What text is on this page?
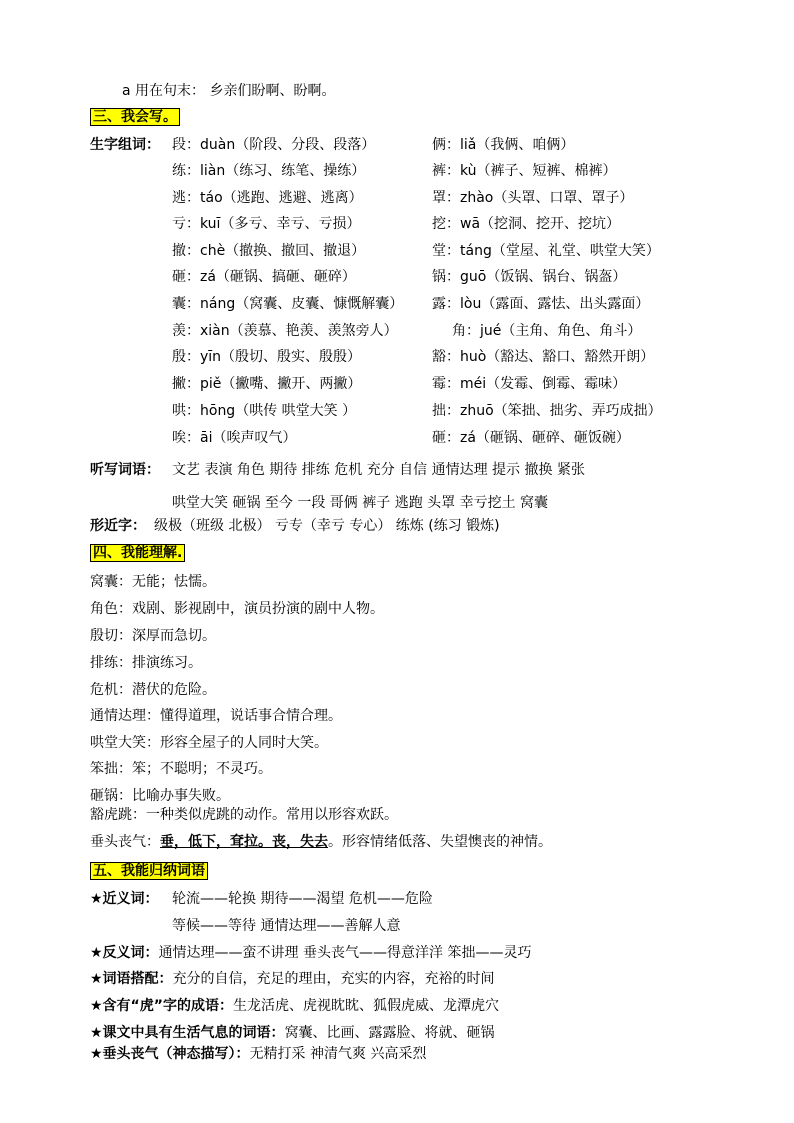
a 用在句末： 乡亲们盼啊、盼啊。
三、我会写。
生字组词： 段：duàn（阶段、分段、段落）
练：liàn（练习、练笔、操练）
逃：táo（逃跑、逃避、逃离）
亏：kuī（多亏、幸亏、亏损）
撤：chè（撤换、撤回、撤退）
砸：zá（砸锅、搞砸、砸碎）
囊：náng（窝囊、皮囊、慷慨解囊）
羡：xiàn（羡慕、艳羡、羡煞旁人）
殷：yīn（殷切、殷实、殷殷）
撇：piě（撇嘴、撇开、两撇）
哄：hōng（哄传 哄堂大笑 ）
唉：āi（唉声叹气）
俩：liǎ（我俩、咱俩）
裤：kù（裤子、短裤、棉裤）
罩：zhào（头罩、口罩、罩子）
挖：wā（挖洞、挖开、挖坑）
堂：táng（堂屋、礼堂、哄堂大笑）
锅：guō（饭锅、锅台、锅盔）
露：lòu（露面、露怯、出头露面）
角：jué（主角、角色、角斗）
豁：huò（豁达、豁口、豁然开朗）
霉：méi（发霉、倒霉、霉味）
拙：zhuō（笨拙、拙劣、弄巧成拙）
砸：zá（砸锅、砸碎、砸饭碗）
听写词语： 文艺 表演 角色 期待 排练 危机 充分 自信 通情达理 提示 撤换 紧张
哄堂大笑 砸锅 至今 一段 哥俩 裤子 逃跑 头罩 幸亏挖土 窝囊
形近字： 级极（班级 北极） 亏专（幸亏 专心） 练炼 (练习 锻炼)
四、我能理解.
窝囊：无能；怯懦。
角色：戏剧、影视剧中，演员扮演的剧中人物。
殷切：深厚而急切。
排练：排演练习。
危机：潜伏的危险。
通情达理：懂得道理，说话事合情合理。
哄堂大笑：形容全屋子的人同时大笑。
笨拙：笨；不聪明；不灵巧。
砸锅：比喻办事失败。
豁虎跳：一种类似虎跳的动作。常用以形容欢跃。
垂头丧气：垂，低下，耷拉。丧，失去。形容情绪低落、失望懊丧的神情。
五、我能归纳词语
★近义词： 轮流——轮换 期待——渴望 危机——危险
等候——等待 通情达理——善解人意
★反义词：通情达理——蛮不讲理 垂头丧气——得意洋洋 笨拙——灵巧
★词语搭配：充分的自信，充足的理由，充实的内容，充裕的时间
★含有“虎”字的成语：生龙活虎、虎视眈眈、狐假虎威、龙潭虎穴
★课文中具有生活气息的词语：窝囊、比画、露露脸、将就、砸锅
★垂头丧气（神态描写）：无精打采 神清气爽 兴高采烈
